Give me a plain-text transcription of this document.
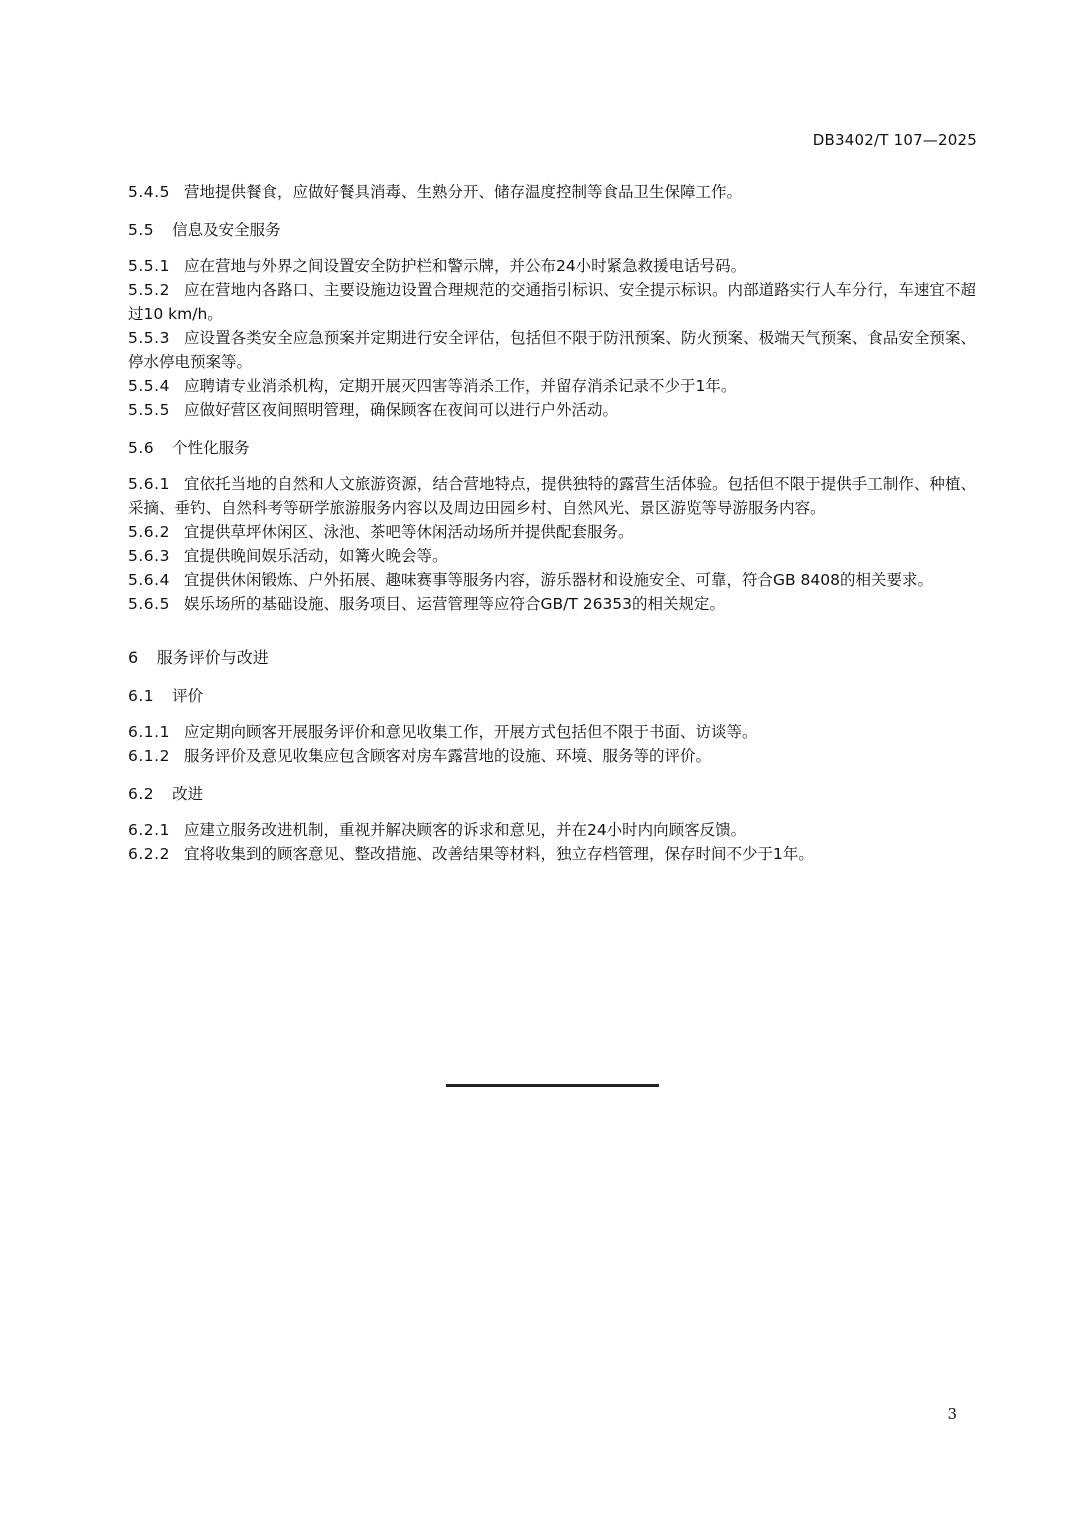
DB3402/T 107—2025
5.4.5 营地提供餐食，应做好餐具消毒、生熟分开、储存温度控制等食品卫生保障工作。
5.5 信息及安全服务
5.5.1 应在营地与外界之间设置安全防护栏和警示牌，并公布24小时紧急救援电话号码。
5.5.2 应在营地内各路口、主要设施边设置合理规范的交通指引标识、安全提示标识。内部道路实行人车分行，车速宜不超过10 km/h。
5.5.3 应设置各类安全应急预案并定期进行安全评估，包括但不限于防汛预案、防火预案、极端天气预案、食品安全预案、停水停电预案等。
5.5.4 应聘请专业消杀机构，定期开展灭四害等消杀工作，并留存消杀记录不少于1年。
5.5.5 应做好营区夜间照明管理，确保顾客在夜间可以进行户外活动。
5.6 个性化服务
5.6.1 宜依托当地的自然和人文旅游资源，结合营地特点，提供独特的露营生活体验。包括但不限于提供手工制作、种植、采摘、垂钓、自然科考等研学旅游服务内容以及周边田园乡村、自然风光、景区游览等导游服务内容。
5.6.2 宜提供草坪休闲区、泳池、茶吧等休闲活动场所并提供配套服务。
5.6.3 宜提供晚间娱乐活动，如篝火晚会等。
5.6.4 宜提供休闲锻炼、户外拓展、趣味赛事等服务内容，游乐器材和设施安全、可靠，符合GB 8408的相关要求。
5.6.5 娱乐场所的基础设施、服务项目、运营管理等应符合GB/T 26353的相关规定。
6 服务评价与改进
6.1 评价
6.1.1 应定期向顾客开展服务评价和意见收集工作，开展方式包括但不限于书面、访谈等。
6.1.2 服务评价及意见收集应包含顾客对房车露营地的设施、环境、服务等的评价。
6.2 改进
6.2.1 应建立服务改进机制，重视并解决顾客的诉求和意见，并在24小时内向顾客反馈。
6.2.2 宜将收集到的顾客意见、整改措施、改善结果等材料，独立存档管理，保存时间不少于1年。
3
